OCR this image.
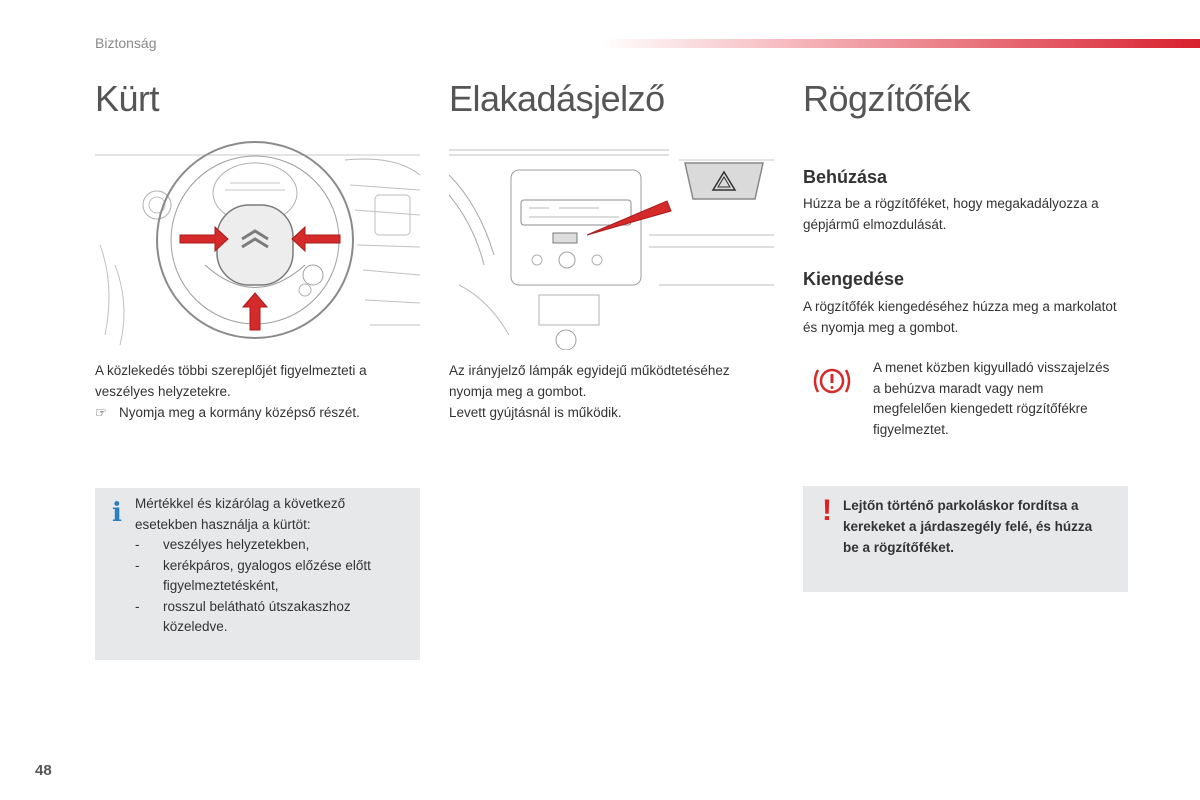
Biztonság
Kürt	Elakadásjelző	Rögzítőfék

A közlekedés többi szereplőjét figyelmezteti a veszélyes helyzetekre.

☞ Nyomja meg a kormány középső részét.

Az irányjelző lámpák egyidejű működtetéséhez nyomja meg a gombot.

Levett gyújtásnál is működik.

Behúzása

Húzza be a rögzítőféket, hogy megakadályozza a gépjármű elmozdulását.

Kiengedése

A rögzítőfék kiengedéséhez húzza meg a markolatot és nyomja meg a gombot.

A menet közben kigyulladó visszajelzés a behúzva maradt vagy nem megfelelően kiengedett rögzítőfékre figyelmeztet.
i Mértékkel és kizárólag a következő esetekben használja a kürtöt:
-	veszélyes helyzetekben,
-	kerékpáros, gyalogos előzése előtt figyelmeztetésként,
-	rosszul belátható útszakaszhoz közeledve.
! Lejtőn történő parkoláskor fordítsa a kerekeket a járdaszegély felé, és húzza be a rögzítőféket.
48
